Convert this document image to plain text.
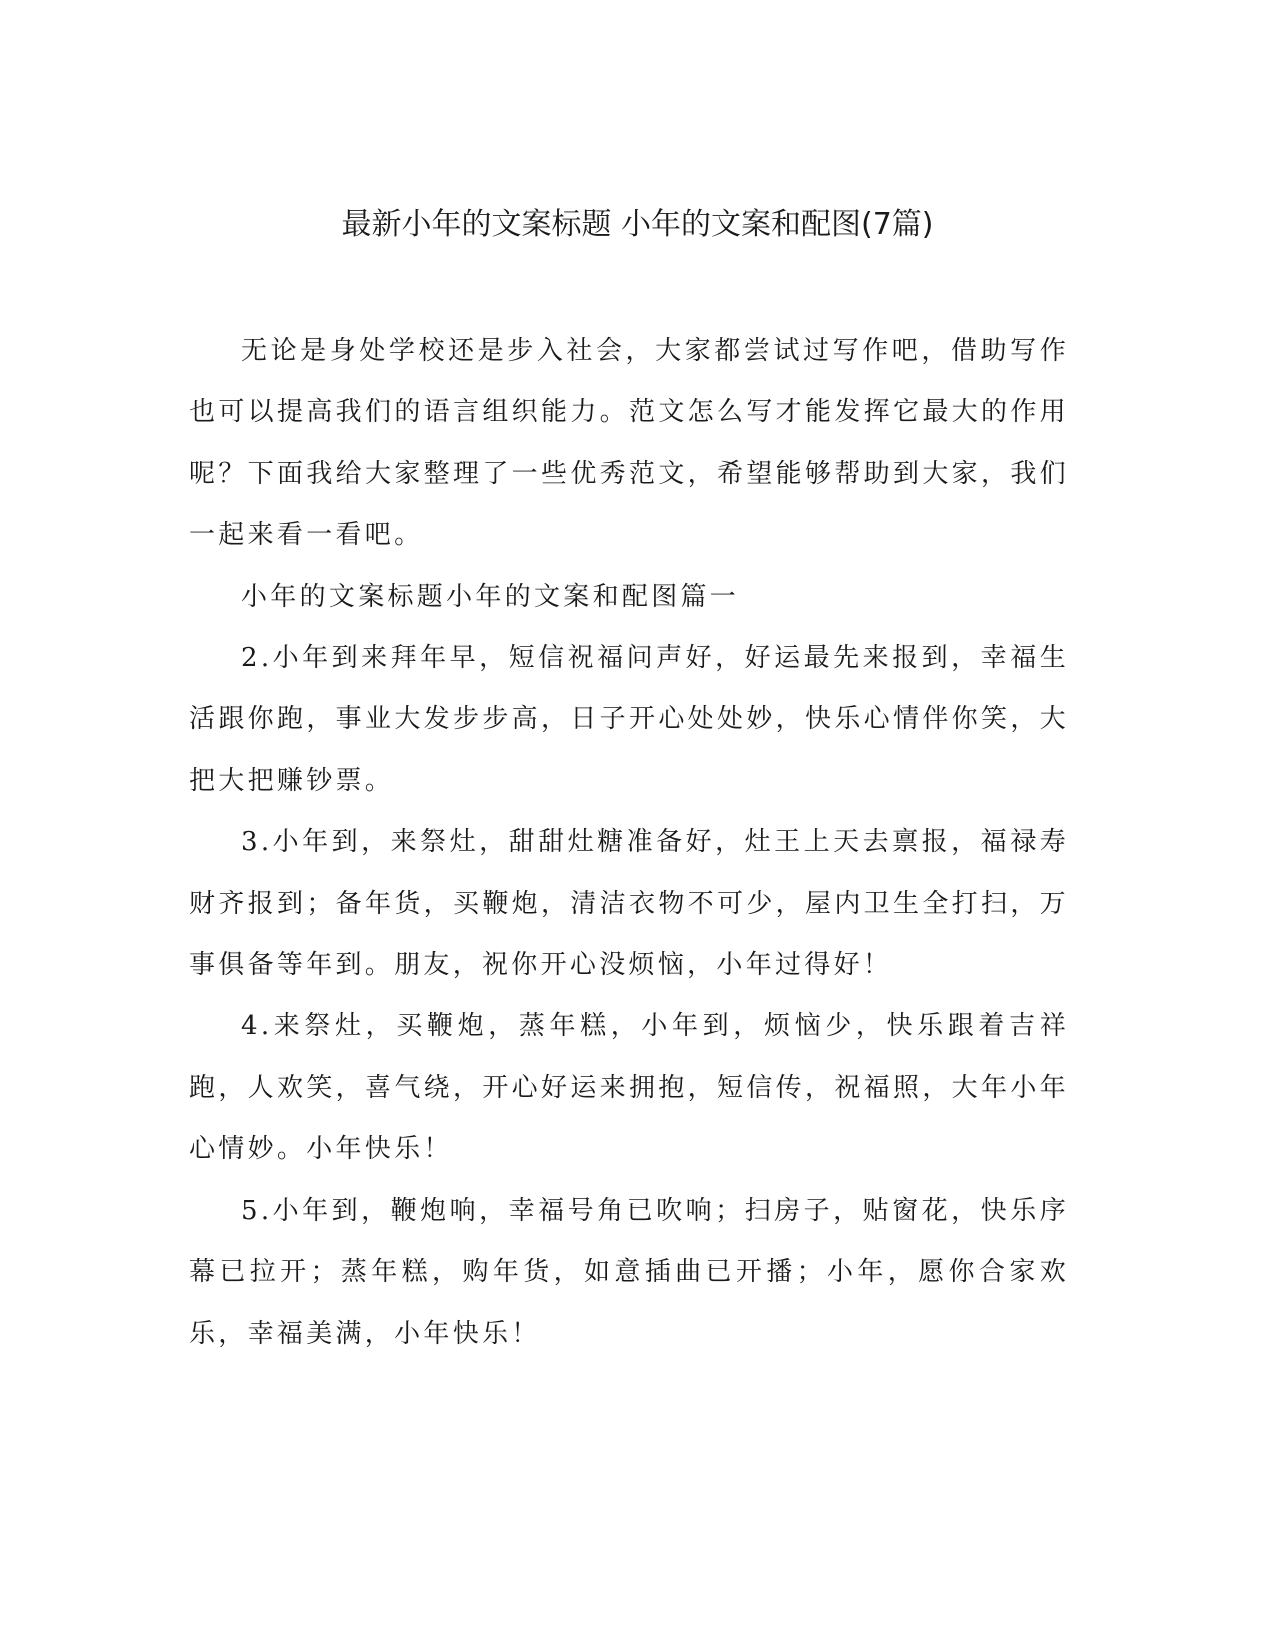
最新小年的文案标题 小年的文案和配图(7篇)

无论是身处学校还是步入社会，大家都尝试过写作吧，借助写作也可以提高我们的语言组织能力。范文怎么写才能发挥它最大的作用呢？下面我给大家整理了一些优秀范文，希望能够帮助到大家，我们一起来看一看吧。

小年的文案标题小年的文案和配图篇一

2.小年到来拜年早，短信祝福问声好，好运最先来报到，幸福生活跟你跑，事业大发步步高，日子开心处处妙，快乐心情伴你笑，大把大把赚钞票。

3.小年到，来祭灶，甜甜灶糖准备好，灶王上天去禀报，福禄寿财齐报到；备年货，买鞭炮，清洁衣物不可少，屋内卫生全打扫，万事俱备等年到。朋友，祝你开心没烦恼，小年过得好！

4.来祭灶，买鞭炮，蒸年糕，小年到，烦恼少，快乐跟着吉祥跑，人欢笑，喜气绕，开心好运来拥抱，短信传，祝福照，大年小年心情妙。小年快乐！

5.小年到，鞭炮响，幸福号角已吹响；扫房子，贴窗花，快乐序幕已拉开；蒸年糕，购年货，如意插曲已开播；小年，愿你合家欢乐，幸福美满，小年快乐！
